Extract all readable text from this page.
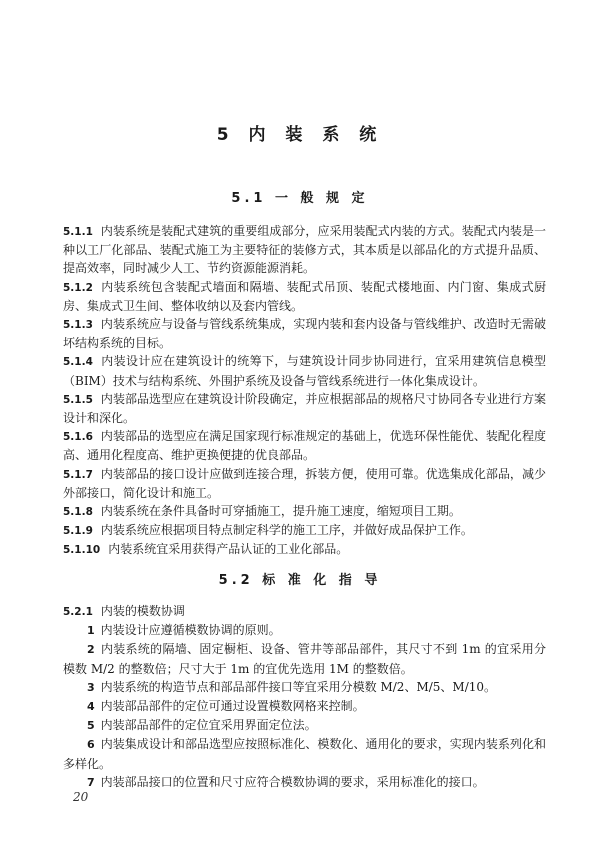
5 内 装 系 统
5.1 一 般 规 定

5.1.1 内装系统是装配式建筑的重要组成部分，应采用装配式内装的方式。装配式内装是一种以工厂化部品、装配式施工为主要特征的装修方式，其本质是以部品化的方式提升品质、提高效率，同时减少人工、节约资源能源消耗。

5.1.2 内装系统包含装配式墙面和隔墙、装配式吊顶、装配式楼地面、内门窗、集成式厨房、集成式卫生间、整体收纳以及套内管线。

5.1.3 内装系统应与设备与管线系统集成，实现内装和套内设备与管线维护、改造时无需破坏结构系统的目标。

5.1.4 内装设计应在建筑设计的统筹下，与建筑设计同步协同进行，宜采用建筑信息模型（BIM）技术与结构系统、外围护系统及设备与管线系统进行一体化集成设计。

5.1.5 内装部品选型应在建筑设计阶段确定，并应根据部品的规格尺寸协同各专业进行方案设计和深化。

5.1.6 内装部品的选型应在满足国家现行标准规定的基础上，优选环保性能优、装配化程度高、通用化程度高、维护更换便捷的优良部品。

5.1.7 内装部品的接口设计应做到连接合理，拆装方便，使用可靠。优选集成化部品，减少外部接口，简化设计和施工。

5.1.8 内装系统在条件具备时可穿插施工，提升施工速度，缩短项目工期。

5.1.9 内装系统应根据项目特点制定科学的施工工序，并做好成品保护工作。

5.1.10 内装系统宜采用获得产品认证的工业化部品。

5.2 标 准 化 指 导

5.2.1 内装的模数协调

1 内装设计应遵循模数协调的原则。

2 内装系统的隔墙、固定橱柜、设备、管井等部品部件，其尺寸不到 1m 的宜采用分模数 M/2 的整数倍；尺寸大于 1m 的宜优先选用 1M 的整数倍。

3 内装系统的构造节点和部品部件接口等宜采用分模数 M/2、M/5、M/10。

4 内装部品部件的定位可通过设置模数网格来控制。

5 内装部品部件的定位宜采用界面定位法。

6 内装集成设计和部品选型应按照标准化、模数化、通用化的要求，实现内装系列化和多样化。

7 内装部品接口的位置和尺寸应符合模数协调的要求，采用标准化的接口。

20
